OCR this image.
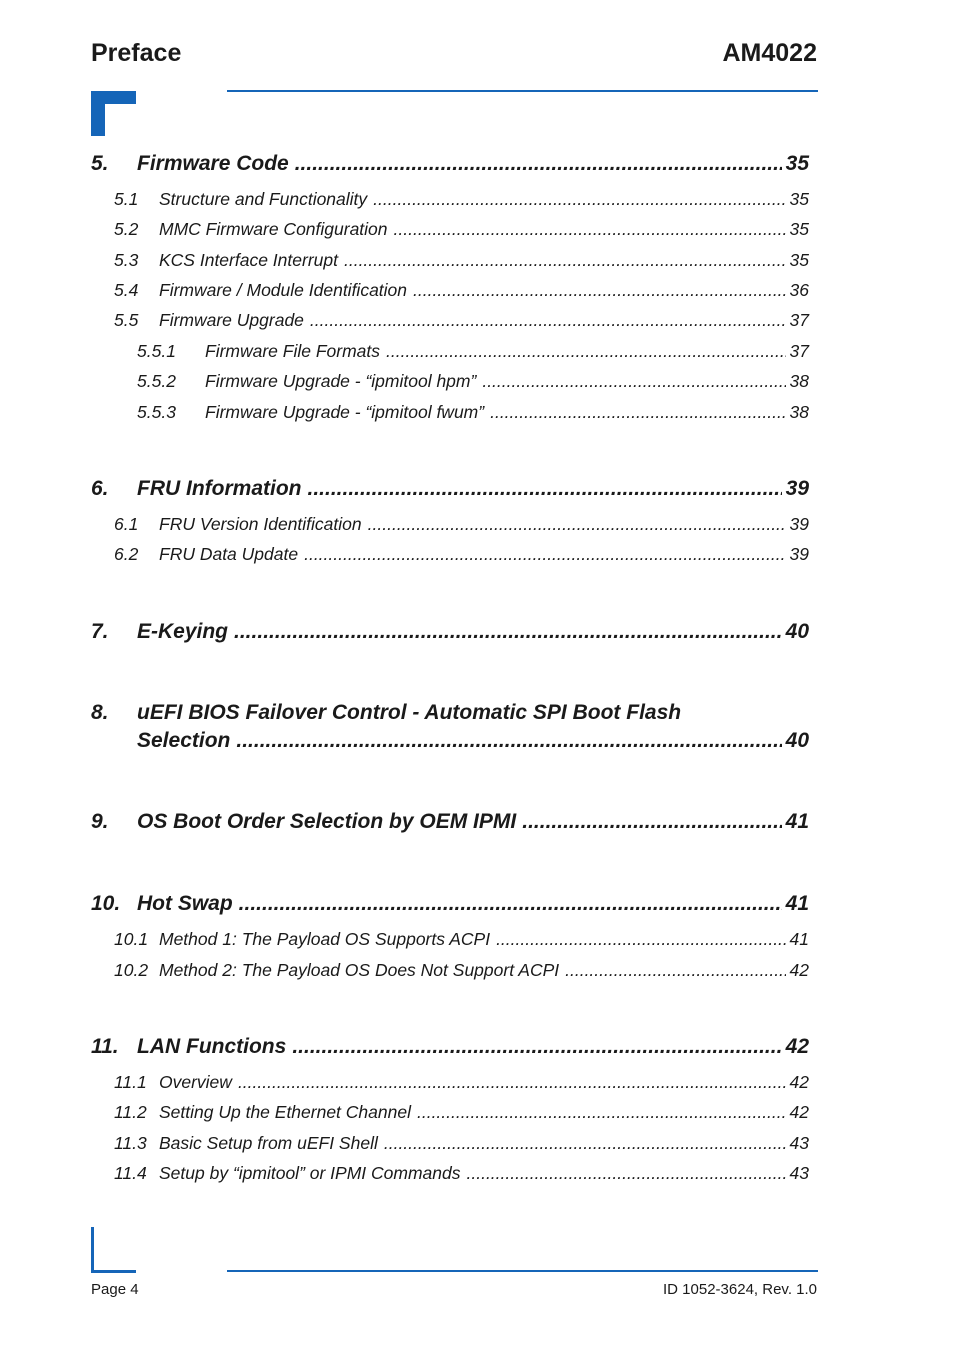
Preface	AM4022
5.	Firmware Code .....	35
5.1	Structure and Functionality .....	35
5.2	MMC Firmware Configuration .....	35
5.3	KCS Interface Interrupt .....	35
5.4	Firmware / Module Identification .....	36
5.5	Firmware Upgrade .....	37
5.5.1	Firmware File Formats .....	37
5.5.2	Firmware Upgrade - “ipmitool hpm” .....	38
5.5.3	Firmware Upgrade - “ipmitool fwum” .....	38
6.	FRU Information .....	39
6.1	FRU Version Identification .....	39
6.2	FRU Data Update .....	39
7.	E-Keying .....	40
8.	uEFI BIOS Failover Control - Automatic SPI Boot Flash
Selection .....	40
9.	OS Boot Order Selection by OEM IPMI .....	41
10. Hot Swap .....	41
10.1 Method 1: The Payload OS Supports ACPI .....	41
10.2 Method 2: The Payload OS Does Not Support ACPI .....	42
11. LAN Functions .....	42
11.1 Overview .....	42
11.2 Setting Up the Ethernet Channel .....	42
11.3 Basic Setup from uEFI Shell .....	43
11.4 Setup by “ipmitool” or IPMI Commands .....	43
Page 4	ID 1052-3624, Rev. 1.0
